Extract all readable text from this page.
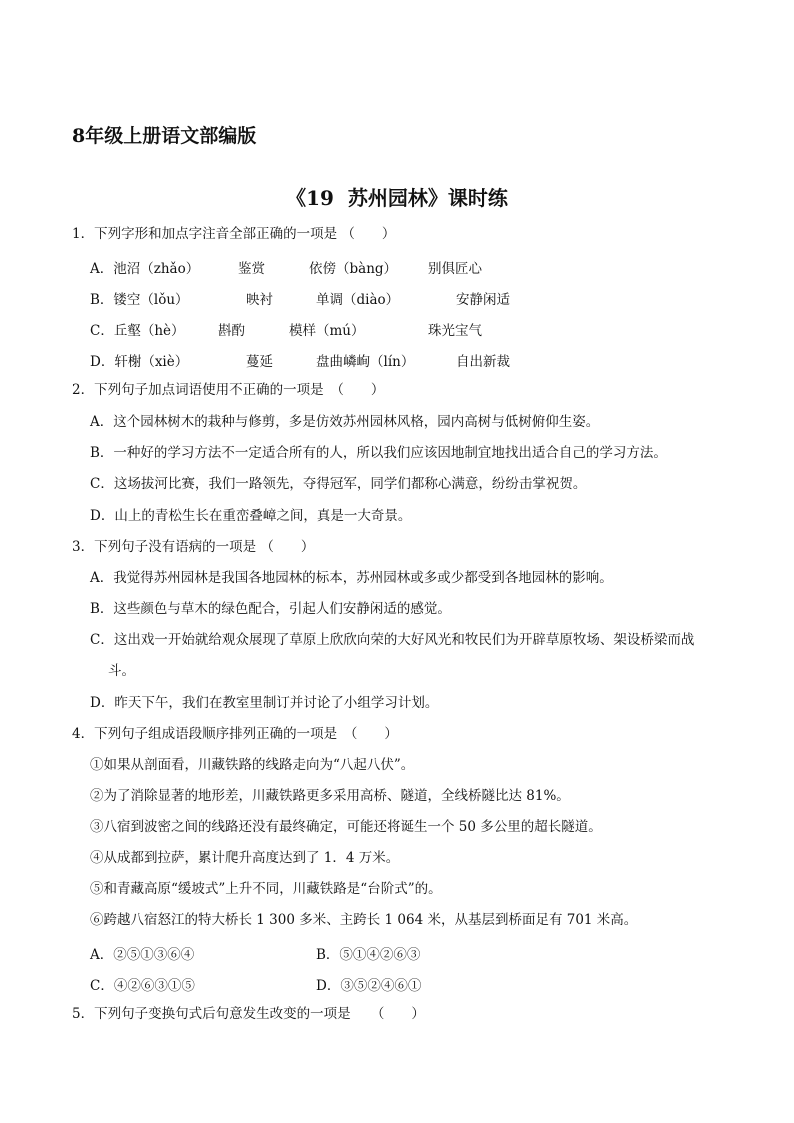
8年级上册语文部编版
《19 苏州园林》课时练
1．下列字形和加点字注音全部正确的一项是 （　　）
A．池沼（zhǎo）	鉴赏	依傍（bàng） 别俱匠心
B．镂空（lǒu）	映衬	单调（diào）	安静闲适
C．丘壑（hè） 斟酌	模样（mú）	珠光宝气
D．轩榭（xiè）	蔓延	盘曲嶙峋（lín）	自出新裁
2．下列句子加点词语使用不正确的一项是　（　　）
A．这个园林树木的栽种与修剪，多是仿效苏州园林风格，园内高树与低树俯仰生姿。
B．一种好的学习方法不一定适合所有的人，所以我们应该因地制宜地找出适合自己的学习方法。
C．这场拔河比赛，我们一路领先，夺得冠军，同学们都称心满意，纷纷击掌祝贺。
D．山上的青松生长在重峦叠嶂之间，真是一大奇景。
3．下列句子没有语病的一项是 （　　）
A．我觉得苏州园林是我国各地园林的标本，苏州园林或多或少都受到各地园林的影响。
B．这些颜色与草木的绿色配合，引起人们安静闲适的感觉。
C．这出戏一开始就给观众展现了草原上欣欣向荣的大好风光和牧民们为开辟草原牧场、架设桥梁而战
斗。
D．昨天下午，我们在教室里制订并讨论了小组学习计划。
4．下列句子组成语段顺序排列正确的一项是　（　　）
①如果从剖面看，川藏铁路的线路走向为“八起八伏”。
②为了消除显著的地形差，川藏铁路更多采用高桥、隧道，全线桥隧比达 81%。
③八宿到波密之间的线路还没有最终确定，可能还将诞生一个 50 多公里的超长隧道。
④从成都到拉萨，累计爬升高度达到了 1．4 万米。
⑤和青藏高原“缓坡式”上升不同，川藏铁路是“台阶式”的。
⑥跨越八宿怒江的特大桥长 1 300 多米、主跨长 1 064 米，从基层到桥面足有 701 米高。
A．②⑤①③⑥④	B．⑤①④②⑥③
C．④②⑥③①⑤	D．③⑤②④⑥①
5．下列句子变换句式后句意发生改变的一项是　　（　　）
